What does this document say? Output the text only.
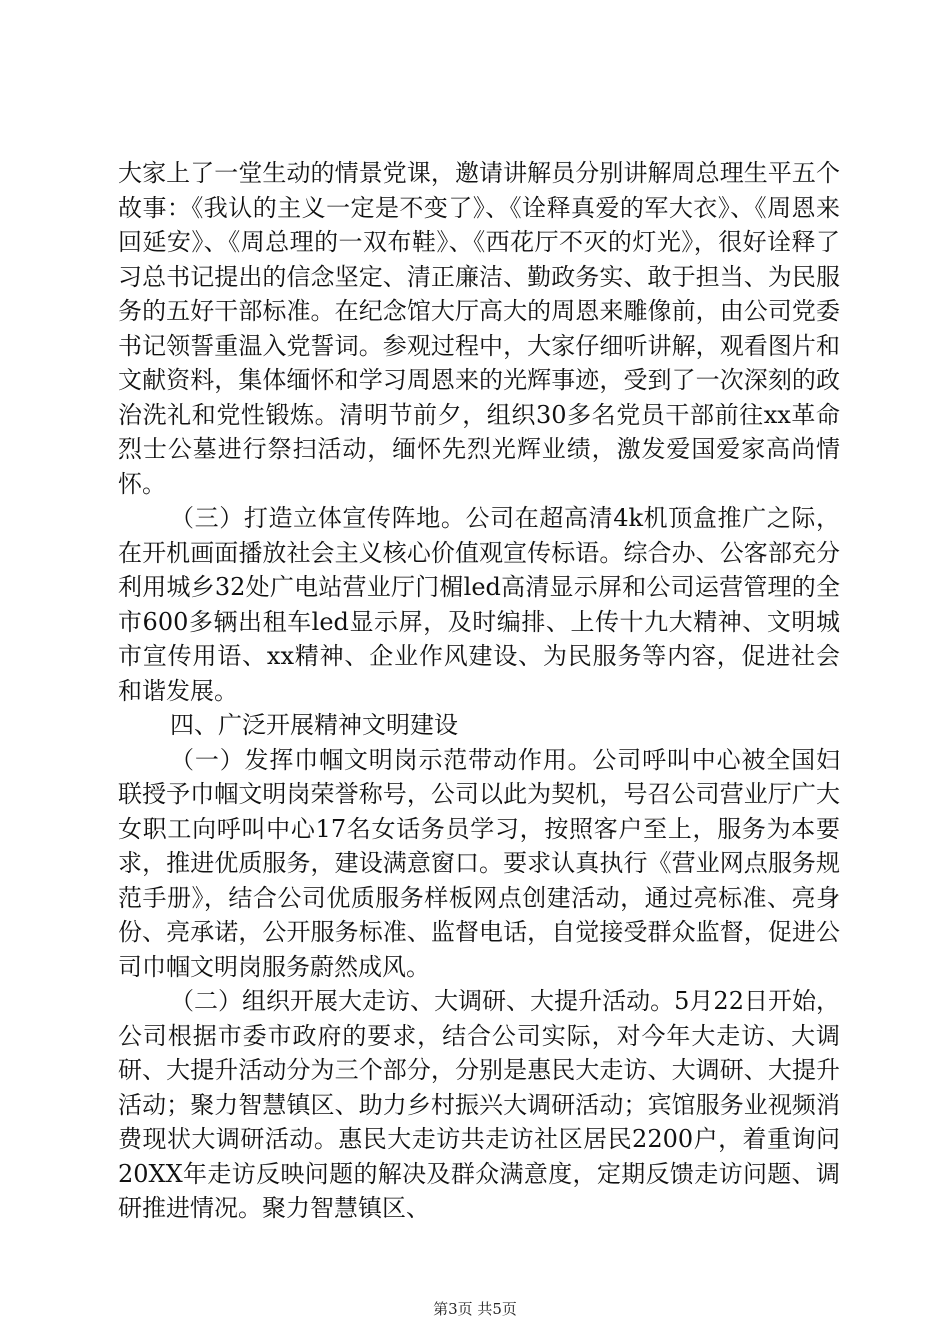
大家上了一堂生动的情景党课，邀请讲解员分别讲解周总理生平五个故事：《我认的主义一定是不变了》、《诠释真爱的军大衣》、《周恩来回延安》、《周总理的一双布鞋》、《西花厅不灭的灯光》，很好诠释了习总书记提出的信念坚定、清正廉洁、勤政务实、敢于担当、为民服务的五好干部标准。在纪念馆大厅高大的周恩来雕像前，由公司党委书记领誓重温入党誓词。参观过程中，大家仔细听讲解，观看图片和文献资料，集体缅怀和学习周恩来的光辉事迹，受到了一次深刻的政治洗礼和党性锻炼。清明节前夕，组织30多名党员干部前往xx革命烈士公墓进行祭扫活动，缅怀先烈光辉业绩，激发爱国爱家高尚情怀。

（三）打造立体宣传阵地。公司在超高清4k机顶盒推广之际，在开机画面播放社会主义核心价值观宣传标语。综合办、公客部充分利用城乡32处广电站营业厅门楣led高清显示屏和公司运营管理的全市600多辆出租车led显示屏，及时编排、上传十九大精神、文明城市宣传用语、xx精神、企业作风建设、为民服务等内容，促进社会和谐发展。

四、广泛开展精神文明建设

（一）发挥巾帼文明岗示范带动作用。公司呼叫中心被全国妇联授予巾帼文明岗荣誉称号，公司以此为契机，号召公司营业厅广大女职工向呼叫中心17名女话务员学习，按照客户至上，服务为本要求，推进优质服务，建设满意窗口。要求认真执行《营业网点服务规范手册》，结合公司优质服务样板网点创建活动，通过亮标准、亮身份、亮承诺，公开服务标准、监督电话，自觉接受群众监督，促进公司巾帼文明岗服务蔚然成风。

（二）组织开展大走访、大调研、大提升活动。5月22日开始，公司根据市委市政府的要求，结合公司实际，对今年大走访、大调研、大提升活动分为三个部分，分别是惠民大走访、大调研、大提升活动；聚力智慧镇区、助力乡村振兴大调研活动；宾馆服务业视频消费现状大调研活动。惠民大走访共走访社区居民2200户，着重询问20XX年走访反映问题的解决及群众满意度，定期反馈走访问题、调研推进情况。聚力智慧镇区、

第3页 共5页
